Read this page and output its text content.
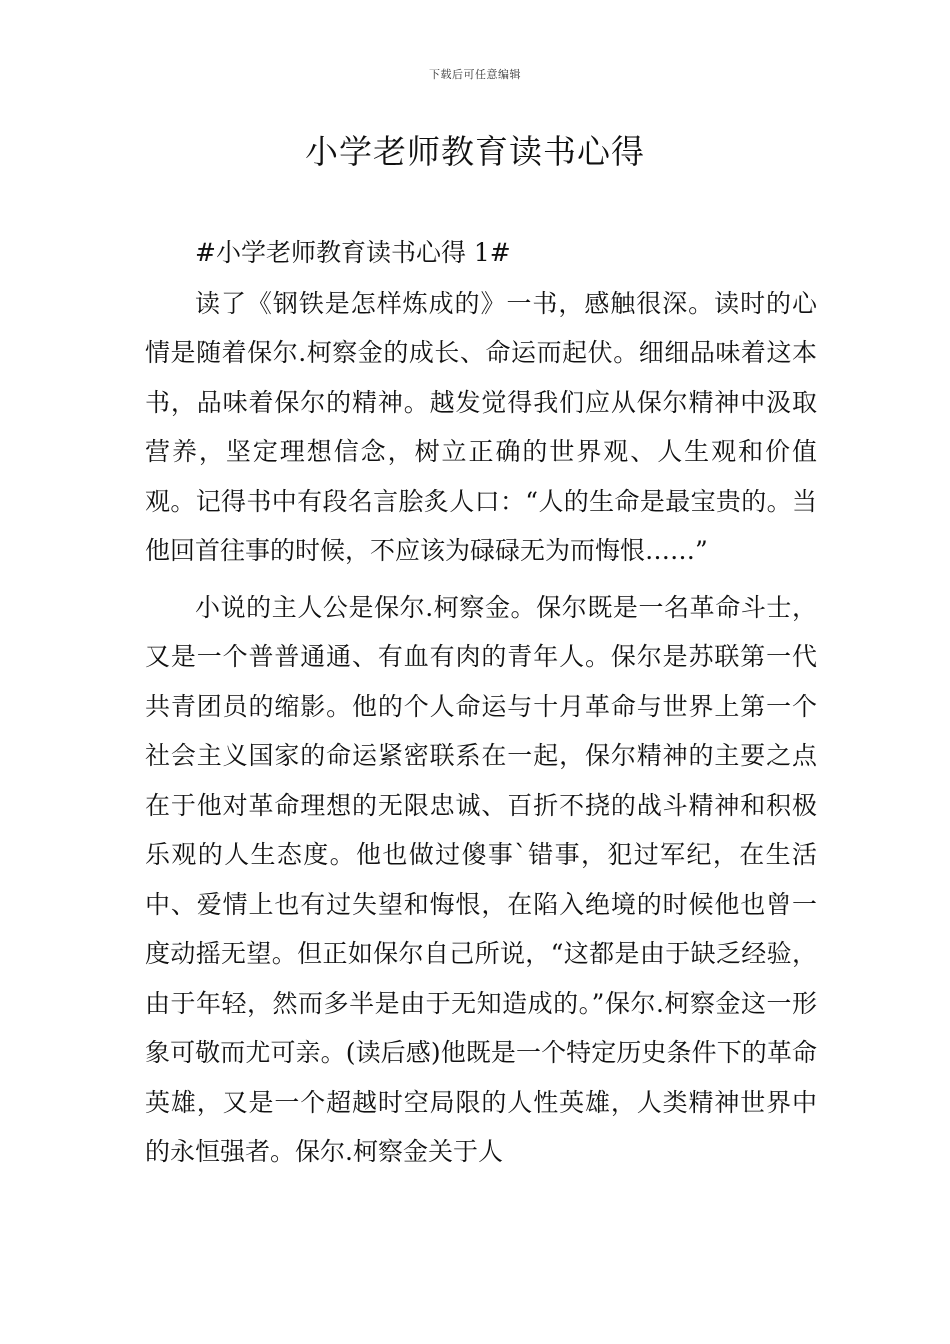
下载后可任意编辑
小学老师教育读书心得

#小学老师教育读书心得 1#

读了《钢铁是怎样炼成的》一书，感触很深。读时的心情是随着保尔.柯察金的成长、命运而起伏。细细品味着这本书，品味着保尔的精神。越发觉得我们应从保尔精神中汲取营养，坚定理想信念，树立正确的世界观、人生观和价值观。记得书中有段名言脍炙人口：“人的生命是最宝贵的。当他回首往事的时候，不应该为碌碌无为而悔恨……”

小说的主人公是保尔.柯察金。保尔既是一名革命斗士，又是一个普普通通、有血有肉的青年人。保尔是苏联第一代共青团员的缩影。他的个人命运与十月革命与世界上第一个社会主义国家的命运紧密联系在一起，保尔精神的主要之点在于他对革命理想的无限忠诚、百折不挠的战斗精神和积极乐观的人生态度。他也做过傻事`错事，犯过军纪，在生活中、爱情上也有过失望和悔恨，在陷入绝境的时候他也曾一度动摇无望。但正如保尔自己所说，“这都是由于缺乏经验，由于年轻，然而多半是由于无知造成的。”保尔.柯察金这一形象可敬而尤可亲。(读后感)他既是一个特定历史条件下的革命英雄，又是一个超越时空局限的人性英雄，人类精神世界中的永恒强者。保尔.柯察金关于人
